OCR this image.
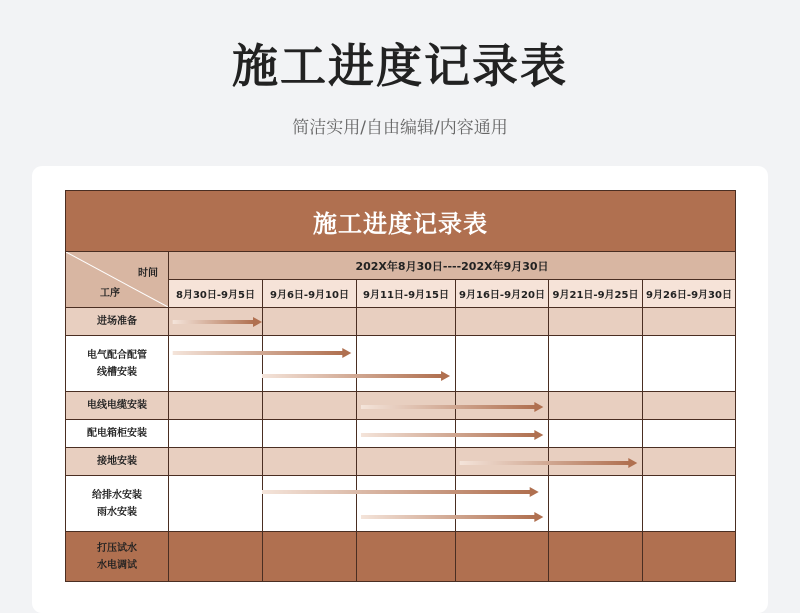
施工进度记录表
简洁实用/自由编辑/内容通用
施工进度记录表						

时间
工序	202X年8月30日----202X年9月30日					
	8月30日-9月5日	9月6日-9月10日	9月11日-9月15日	9月16日-9月20日	9月21日-9月25日	9月26日-9月30日

进场准备						

电气配合配管
线槽安装						

电线电缆安装						

配电箱柜安装						

接地安装						

给排水安装
雨水安装						

打压试水
水电调试						
